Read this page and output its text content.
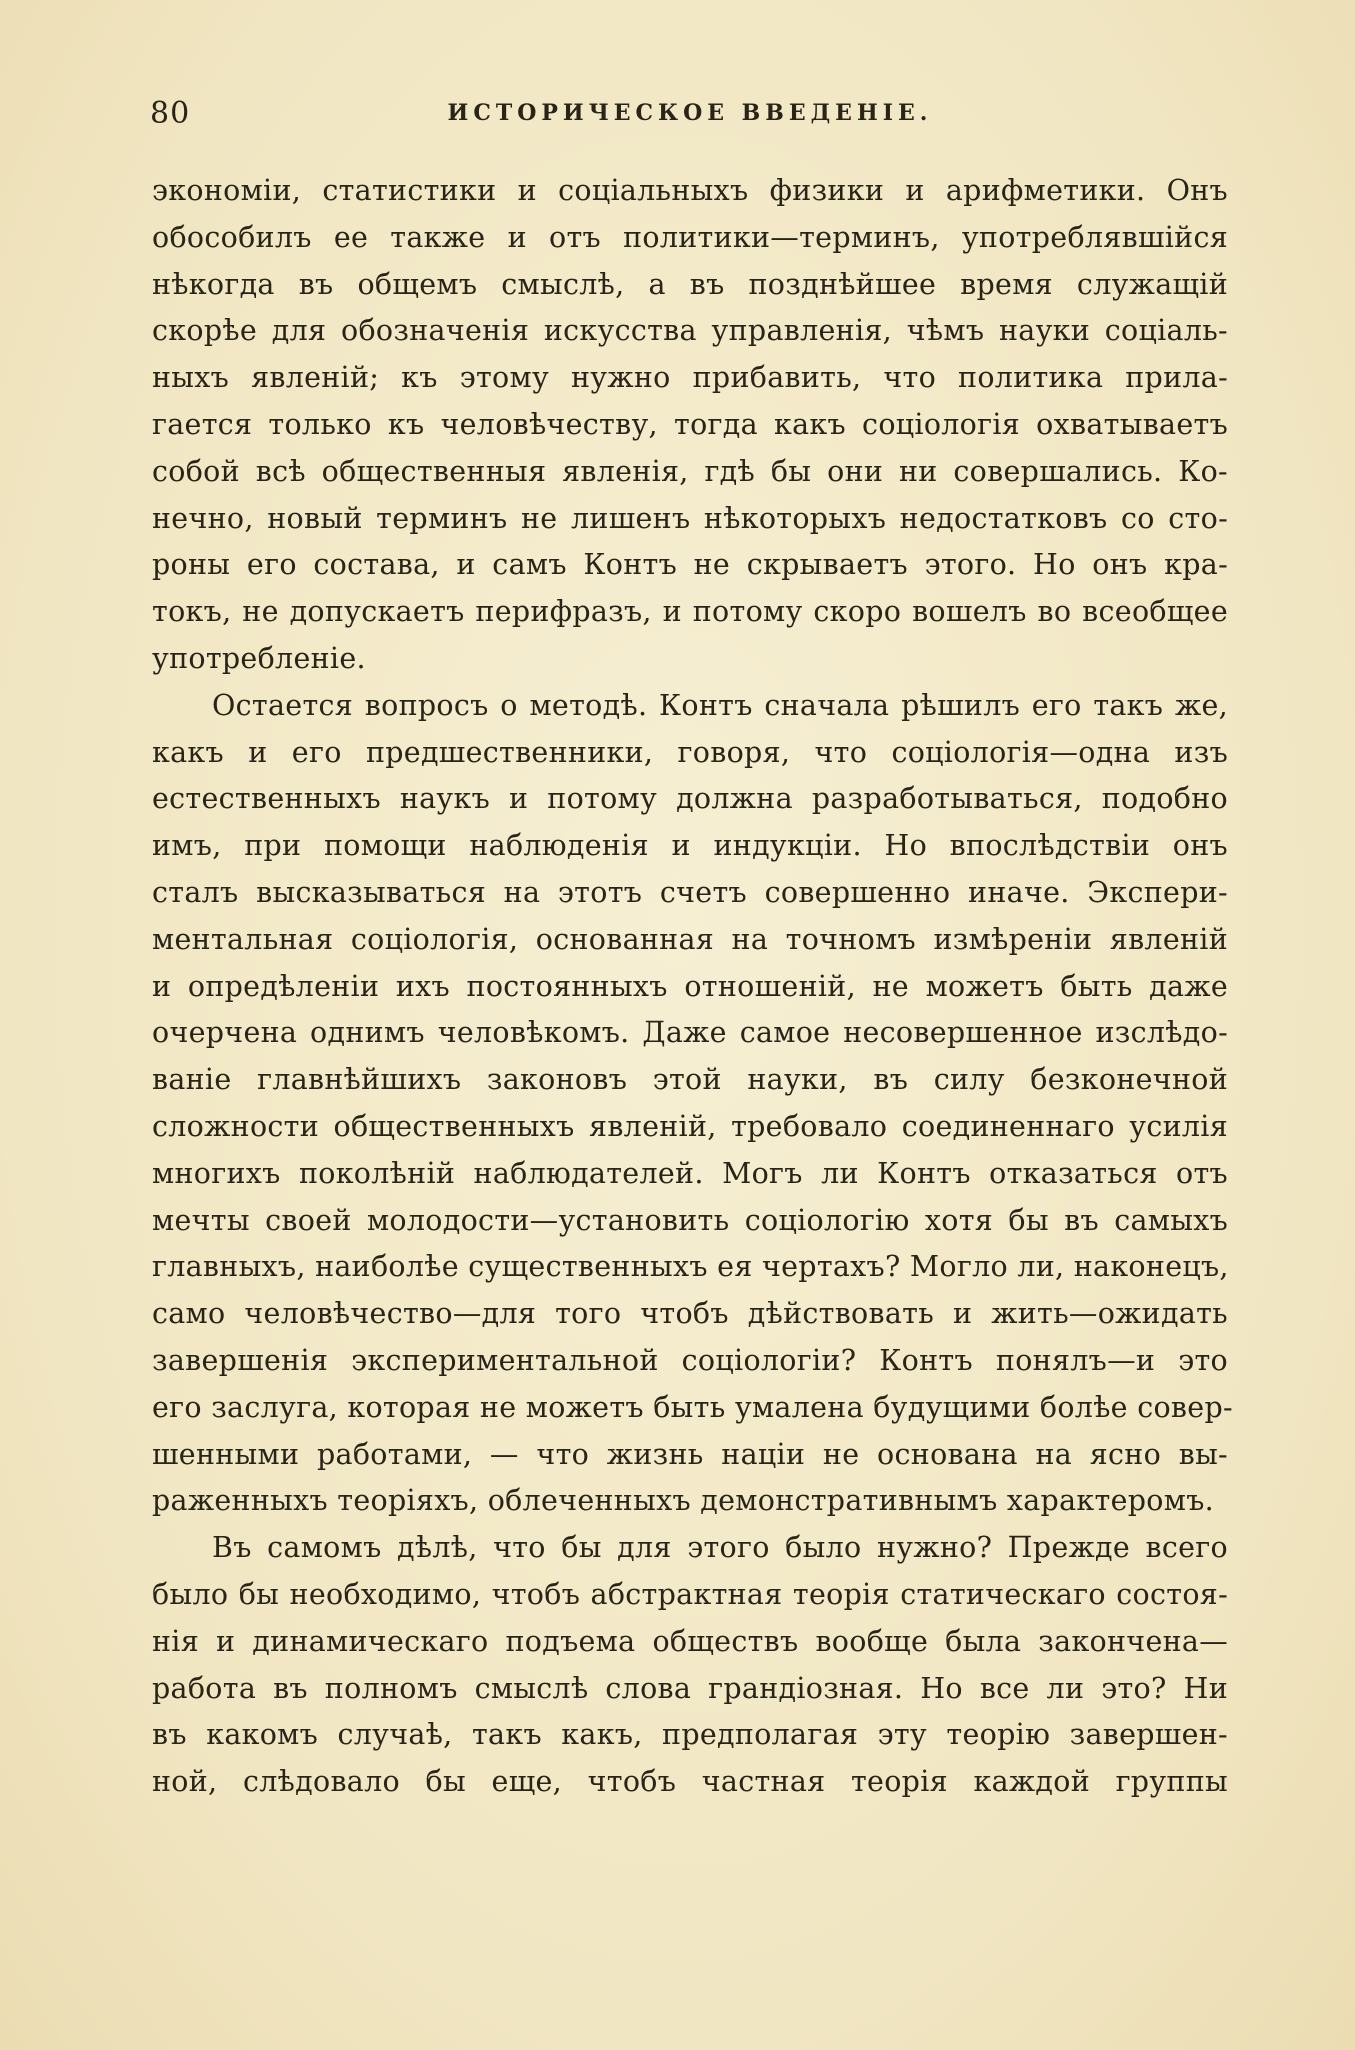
80	ИСТОРИЧЕСКОЕ ВВЕДЕНІЕ.
экономіи, статистики и соціальныхъ физики и арифметики. Онъ
обособилъ ее также и отъ политики—терминъ, употреблявшійся
нѣкогда въ общемъ смыслѣ, а въ позднѣйшее время служащій
скорѣе для обозначенія искусства управленія, чѣмъ науки соціаль-
ныхъ явленій; къ этому нужно прибавить, что политика прила-
гается только къ человѣчеству, тогда какъ соціологія охватываетъ
собой всѣ общественныя явленія, гдѣ бы они ни совершались. Ко-
нечно, новый терминъ не лишенъ нѣкоторыхъ недостатковъ со сто-
роны его состава, и самъ Контъ не скрываетъ этого. Но онъ кра-
токъ, не допускаетъ перифразъ, и потому скоро вошелъ во всеобщее
употребленіе.
Остается вопросъ о методѣ. Контъ сначала рѣшилъ его такъ же,
какъ и его предшественники, говоря, что соціологія—одна изъ
естественныхъ наукъ и потому должна разработываться, подобно
имъ, при помощи наблюденія и индукціи. Но впослѣдствіи онъ
сталъ высказываться на этотъ счетъ совершенно иначе. Экспери-
ментальная соціологія, основанная на точномъ измѣреніи явленій
и опредѣленіи ихъ постоянныхъ отношеній, не можетъ быть даже
очерчена однимъ человѣкомъ. Даже самое несовершенное изслѣдо-
ваніе главнѣйшихъ законовъ этой науки, въ силу безконечной
сложности общественныхъ явленій, требовало соединеннаго усилія
многихъ поколѣній наблюдателей. Могъ ли Контъ отказаться отъ
мечты своей молодости—установить соціологію хотя бы въ самыхъ
главныхъ, наиболѣе существенныхъ ея чертахъ? Могло ли, наконецъ,
само человѣчество—для того чтобъ дѣйствовать и жить—ожидать
завершенія экспериментальной соціологіи? Контъ понялъ—и это
его заслуга, которая не можетъ быть умалена будущими болѣе совер-
шенными работами, — что жизнь націи не основана на ясно вы-
раженныхъ теоріяхъ, облеченныхъ демонстративнымъ характеромъ.
Въ самомъ дѣлѣ, что бы для этого было нужно? Прежде всего
было бы необходимо, чтобъ абстрактная теорія статическаго состоя-
нія и динамическаго подъема обществъ вообще была закончена—
работа въ полномъ смыслѣ слова грандіозная. Но все ли это? Ни
въ какомъ случаѣ, такъ какъ, предполагая эту теорію завершен-
ной, слѣдовало бы еще, чтобъ частная теорія каждой группы
